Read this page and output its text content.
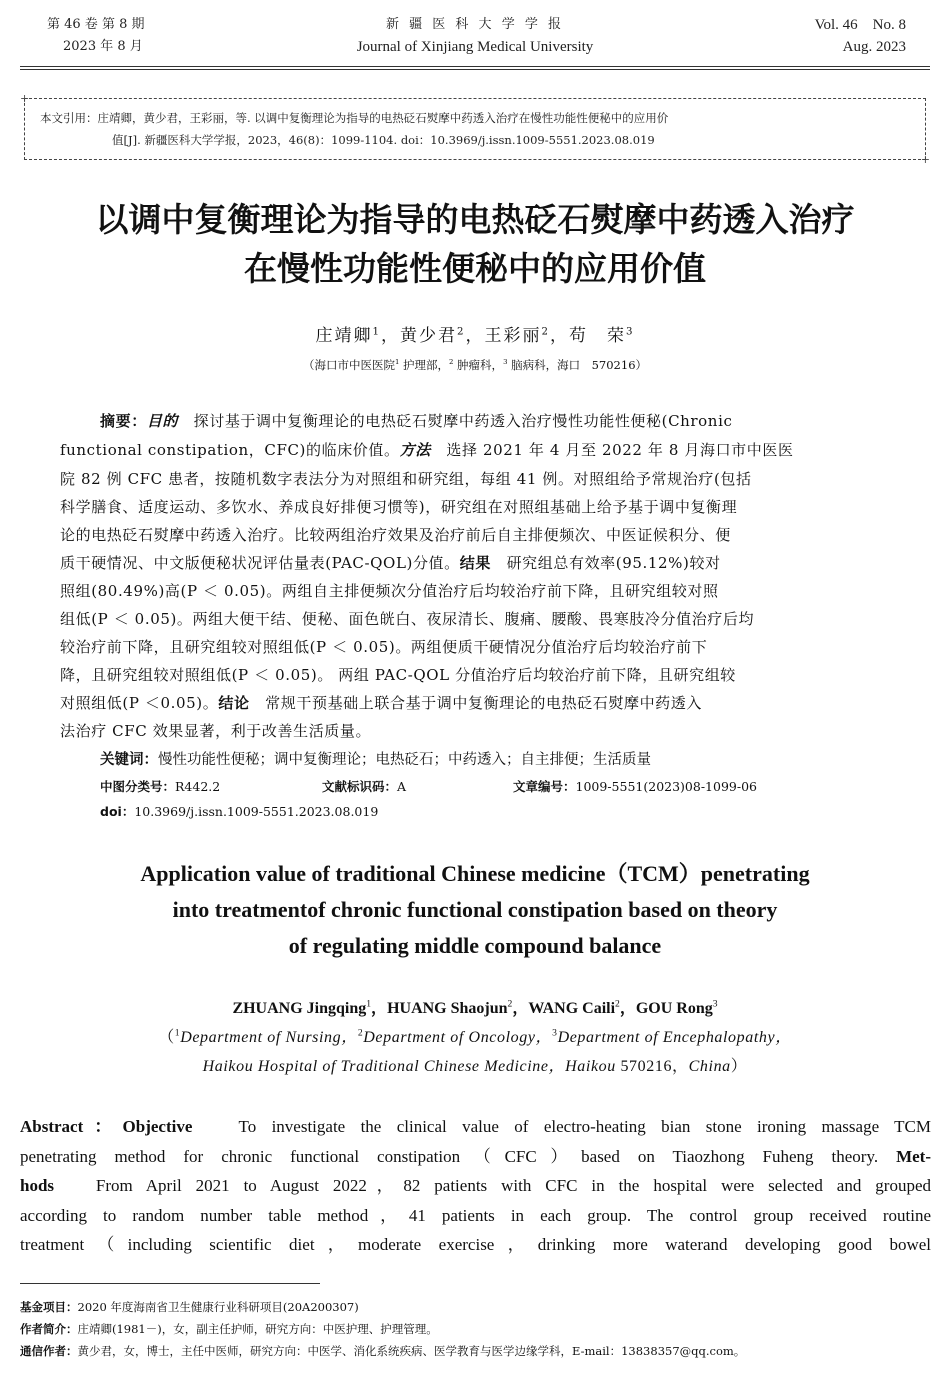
第 46 卷 第 8 期
2023 年 8 月
新 疆 医 科 大 学 学 报
Journal of Xinjiang Medical University
Vol. 46    No. 8
Aug. 2023
+ +
本文引用：庄靖卿，黄少君，王彩丽，等. 以调中复衡理论为指导的电热砭石熨摩中药透入治疗在慢性功能性便秘中的应用价
值[J]. 新疆医科大学学报，2023，46(8)：1099-1104. doi：10.3969/j.issn.1009-5551.2023.08.019
以调中复衡理论为指导的电热砭石熨摩中药透入治疗
在慢性功能性便秘中的应用价值
庄靖卿$^1$，黄少君$^2$，王彩丽$^2$，苟　荣$^3$
（海口市中医医院$^1$ 护理部，$^2$ 肿瘤科，$^3$ 脑病科，海口　570216）
摘要：目的　探讨基于调中复衡理论的电热砭石熨摩中药透入治疗慢性功能性便秘(Chronic
functional constipation，CFC)的临床价值。方法　选择 2021 年 4 月至 2022 年 8 月海口市中医医
院 82 例 CFC 患者，按随机数字表法分为对照组和研究组，每组 41 例。对照组给予常规治疗(包括
科学膳食、适度运动、多饮水、养成良好排便习惯等)，研究组在对照组基础上给予基于调中复衡理
论的电热砭石熨摩中药透入治疗。比较两组治疗效果及治疗前后自主排便频次、中医证候积分、便
质干硬情况、中文版便秘状况评估量表(PAC-QOL)分值。结果　研究组总有效率(95.12%)较对
照组(80.49%)高(P ＜ 0.05)。两组自主排便频次分值治疗后均较治疗前下降，且研究组较对照
组低(P ＜ 0.05)。两组大便干结、便秘、面色㿠白、夜尿清长、腹痛、腰酸、畏寒肢冷分值治疗后均
较治疗前下降，且研究组较对照组低(P ＜ 0.05)。两组便质干硬情况分值治疗后均较治疗前下
降，且研究组较对照组低(P ＜ 0.05)。 两组 PAC-QOL 分值治疗后均较治疗前下降，且研究组较
对照组低(P ＜0.05)。结论　常规干预基础上联合基于调中复衡理论的电热砭石熨摩中药透入
法治疗 CFC 效果显著，利于改善生活质量。
关键词：慢性功能性便秘；调中复衡理论；电热砭石；中药透入；自主排便；生活质量
中图分类号：R442.2	文献标识码：A	文章编号：1009-5551(2023)08-1099-06
doi：10.3969/j.issn.1009-5551.2023.08.019
Application value of traditional Chinese medicine（TCM）penetrating
into treatmentof chronic functional constipation based on theory
of regulating middle compound balance
ZHUANG Jingqing$^1$，HUANG Shaojun$^2$，WANG Caili$^2$，GOU Rong$^3$
（$^1$Department of Nursing，$^2$Department of Oncology，$^3$Department of Encephalopathy，
Haikou Hospital of Traditional Chinese Medicine，Haikou 570216，China）
Abstract：Objective	To investigate the clinical value of electro-heating bian stone ironing massage TCM
penetrating method for chronic functional constipation（CFC）based on Tiaozhong Fuheng theory. Met-
hods From April 2021 to August 2022，82 patients with CFC in the hospital were selected and grouped
according to random number table method，41 patients in each group. The control group received routine
treatment（including scientific diet，moderate exercise，drinking more waterand developing good bowel
基金项目：2020 年度海南省卫生健康行业科研项目(20A200307)
作者简介：庄靖卿(1981－)，女，副主任护师，研究方向：中医护理、护理管理。
通信作者：黄少君，女，博士，主任中医师，研究方向：中医学、消化系统疾病、医学教育与医学边缘学科，E-mail：13838357@qq.com。
